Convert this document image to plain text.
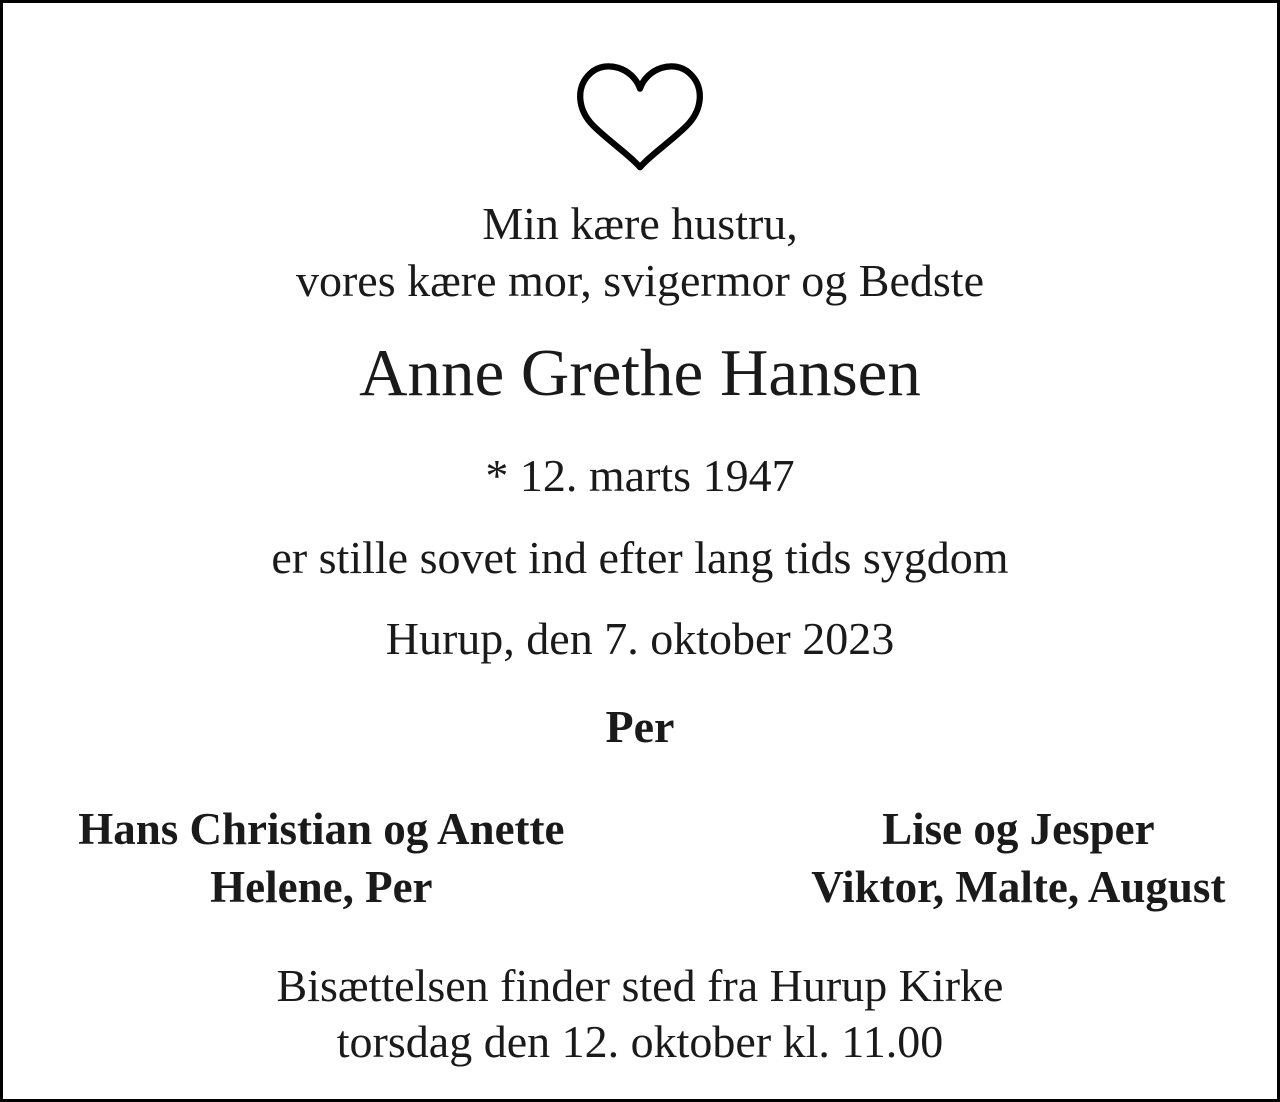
Min kære hustru,
vores kære mor, svigermor og Bedste
Anne Grethe Hansen
* 12. marts 1947
er stille sovet ind efter lang tids sygdom
Hurup, den 7. oktober 2023
Per
Hans Christian og Anette
Helene, Per
Lise og Jesper
Viktor, Malte, August
Bisættelsen finder sted fra Hurup Kirke
torsdag den 12. oktober kl. 11.00
